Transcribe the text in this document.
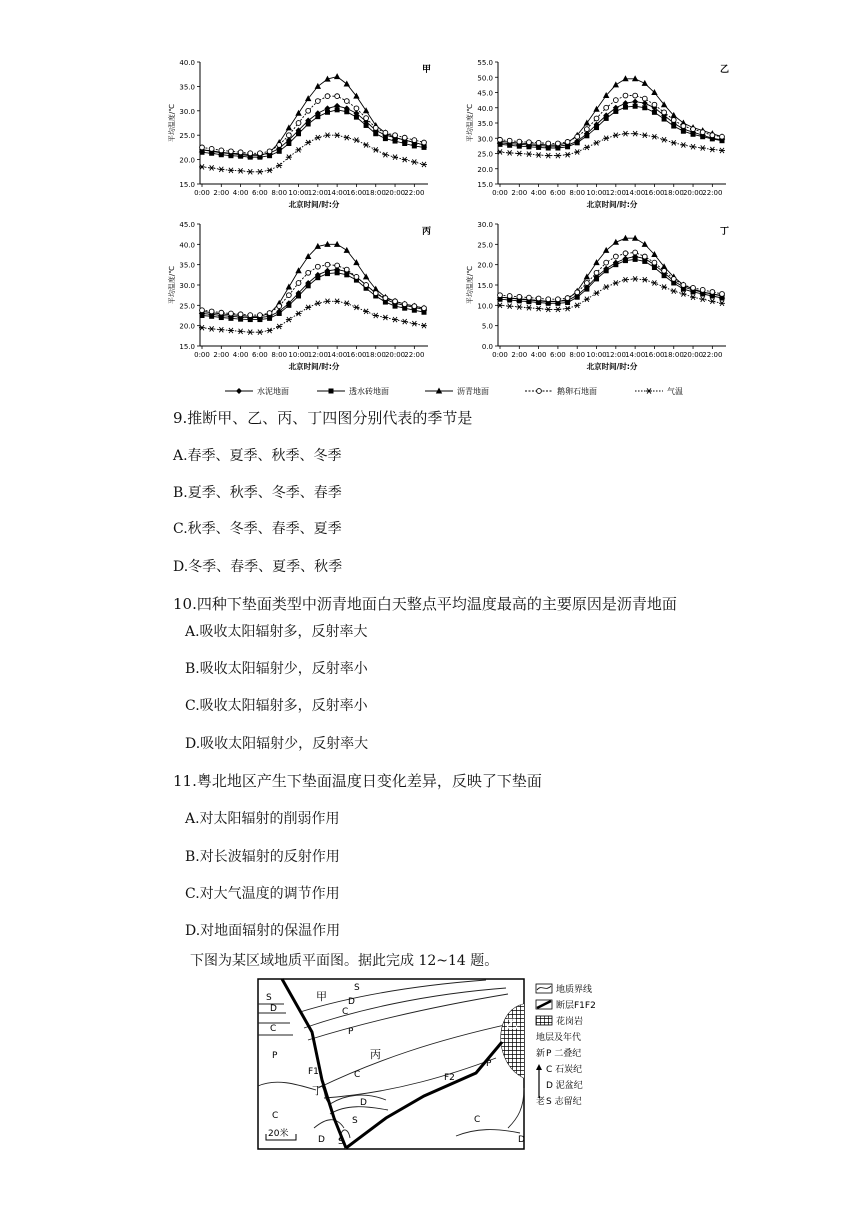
15.0
20.0
25.0
30.0
35.0
40.0
0:00 2:00 4:00 6:00 8:00 10:00 12:00 14:00 16:00 18:00 20:00 22:00
北京时间/时:分
平均温度/℃
甲
15.0
20.0
25.0
30.0
35.0
40.0
45.0
50.0
55.0
0:00 2:00 4:00 6:00 8:00 10:00 12:00 14:00 16:00 18:00 20:00 22:00
北京时间/时:分
平均温度/℃
乙
15.0
20.0
25.0
30.0
35.0
40.0
45.0
0:00 2:00 4:00 6:00 8:00 10:00 12:00 14:00 16:00 18:00 20:00 22:00
北京时间/时:分
平均温度/℃
丙
0.0
5.0
10.0
15.0
20.0
25.0
30.0
0:00 2:00 4:00 6:00 8:00 10:00 12:00 14:00 16:00 18:00 20:00 22:00
北京时间/时:分
平均温度/℃
丁
水泥地面	透水砖地面	沥青地面	鹅卵石地面	气温
9.推断甲、乙、丙、丁四图分别代表的季节是
A.春季、夏季、秋季、冬季
B.夏季、秋季、冬季、春季
C.秋季、冬季、春季、夏季
D.冬季、春季、夏季、秋季
10.四种下垫面类型中沥青地面白天整点平均温度最高的主要原因是沥青地面
A.吸收太阳辐射多，反射率大
B.吸收太阳辐射少，反射率小
C.吸收太阳辐射多，反射率小
D.吸收太阳辐射少，反射率大
11.粤北地区产生下垫面温度日变化差异，反映了下垫面
A.对太阳辐射的削弱作用
B.对长波辐射的反射作用
C.对大气温度的调节作用
D.对地面辐射的保温作用
下图为某区域地质平面图。据此完成 12~14 题。
甲
乙
丙
丁
F1
F2
S
D
C
P
S
D
C
P
C
P
D
S
C
D S
C
D
20米
地质界线
断层F1F2
花岗岩
地层及年代
新 P 二叠纪
C 石炭纪
D 泥盆纪
老 S 志留纪
